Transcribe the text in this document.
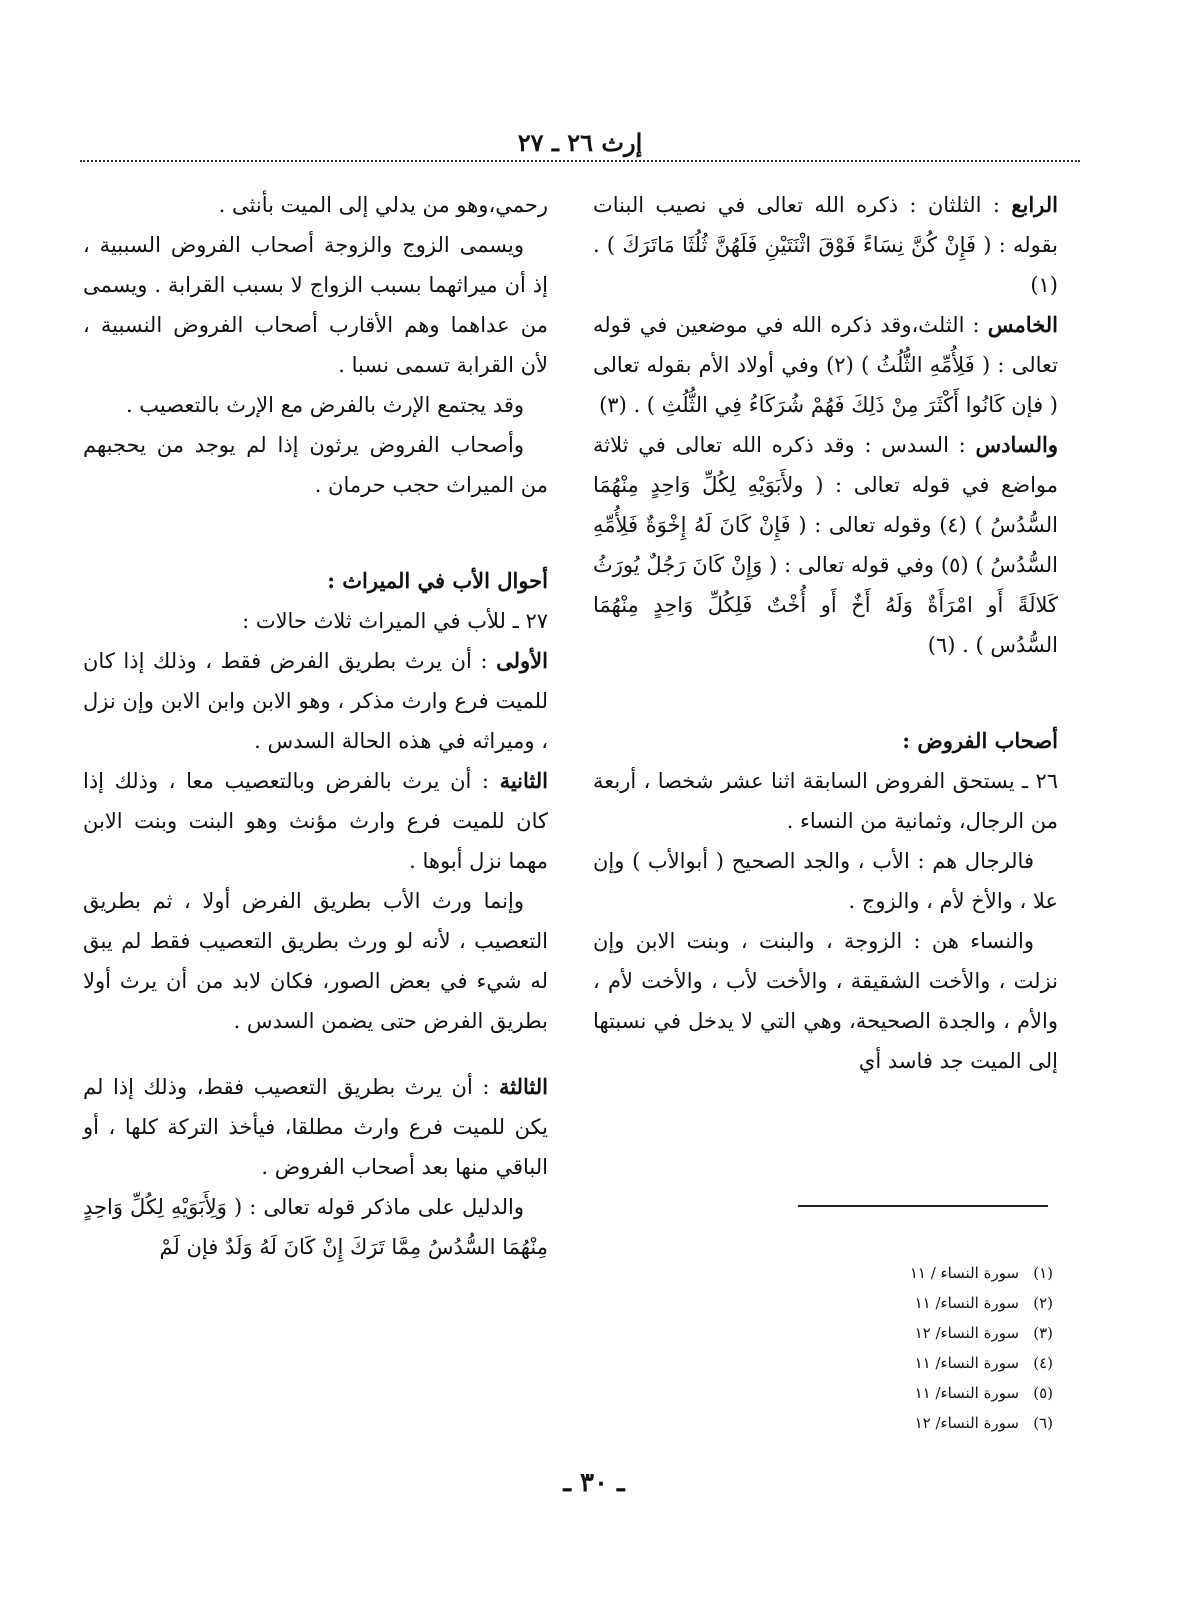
إرث ٢٦ ـ ٢٧

الرابع : الثلثان : ذكره الله تعالى في نصيب البنات بقوله : ( فَإِنْ كُنَّ نِسَاءً فَوْقَ اثْنَتَيْنِ فَلَهُنَّ ثُلُثَا مَاتَرَكَ ) . (١)

الخامس : الثلث،وقد ذكره الله في موضعين في قوله تعالى : ( فَلِأُمِّهِ الثُّلُثُ ) (٢) وفي أولاد الأم بقوله تعالى ( فإن كَانُوا أَكْثَرَ مِنْ ذَلِكَ فَهُمْ شُرَكَاءُ فِي الثُّلُثِ ) . (٣)

والسادس : السدس : وقد ذكره الله تعالى في ثلاثة مواضع في قوله تعالى : ( ولأَبَوَيْهِ لِكُلِّ وَاحِدٍ مِنْهُمَا السُّدُسُ ) (٤) وقوله تعالى : ( فَإِنْ كَانَ لَهُ إِخْوَةٌ فَلِأُمِّهِ السُّدُسُ ) (٥) وفي قوله تعالى : ( وَإِنْ كَانَ رَجُلٌ يُورَثُ كَلالَةً أَو امْرَأَةٌ وَلَهُ أَخٌ أَو أُخْتٌ فَلِكُلِّ وَاحِدٍ مِنْهُمَا السُّدُس ) . (٦)

أصحاب الفروض :

٢٦ ـ يستحق الفروض السابقة اثنا عشر شخصا ، أربعة من الرجال، وثمانية من النساء .

فالرجال هم : الأب ، والجد الصحيح ( أبوالأب ) وإن علا ، والأخ لأم ، والزوج .

والنساء هن : الزوجة ، والبنت ، وبنت الابن وإن نزلت ، والأخت الشقيقة ، والأخت لأب ، والأخت لأم ، والأم ، والجدة الصحيحة، وهي التي لا يدخل في نسبتها إلى الميت جد فاسد أي

رحمي،وهو من يدلي إلى الميت بأنثى .

ويسمى الزوج والزوجة أصحاب الفروض السببية ، إذ أن ميراثهما بسبب الزواج لا بسبب القرابة . ويسمى من عداهما وهم الأقارب أصحاب الفروض النسبية ، لأن القرابة تسمى نسبا .

وقد يجتمع الإرث بالفرض مع الإرث بالتعصيب .

وأصحاب الفروض يرثون إذا لم يوجد من يحجبهم من الميراث حجب حرمان .

أحوال الأب في الميراث :

٢٧ ـ للأب في الميراث ثلاث حالات :

الأولى : أن يرث بطريق الفرض فقط ، وذلك إذا كان للميت فرع وارث مذكر ، وهو الابن وابن الابن وإن نزل ، وميراثه في هذه الحالة السدس .

الثانية : أن يرث بالفرض وبالتعصيب معا ، وذلك إذا كان للميت فرع وارث مؤنث وهو البنت وبنت الابن مهما نزل أبوها .

وإنما ورث الأب بطريق الفرض أولا ، ثم بطريق التعصيب ، لأنه لو ورث بطريق التعصيب فقط لم يبق له شيء في بعض الصور، فكان لابد من أن يرث أولا بطريق الفرض حتى يضمن السدس .

الثالثة : أن يرث بطريق التعصيب فقط، وذلك إذا لم يكن للميت فرع وارث مطلقا، فيأخذ التركة كلها ، أو الباقي منها بعد أصحاب الفروض .

والدليل على ماذكر قوله تعالى : ( وَلِأَبَوَيْهِ لِكُلِّ وَاحِدٍ مِنْهُمَا السُّدُسُ مِمَّا تَرَكَ إِنْ كَانَ لَهُ وَلَدٌ فإن لَمْ

(١)سورة النساء / ١١
(٢)سورة النساء/ ١١
(٣)سورة النساء/ ١٢
(٤)سورة النساء/ ١١
(٥)سورة النساء/ ١١
(٦)سورة النساء/ ١٢
ـ ٣٠ ـ
